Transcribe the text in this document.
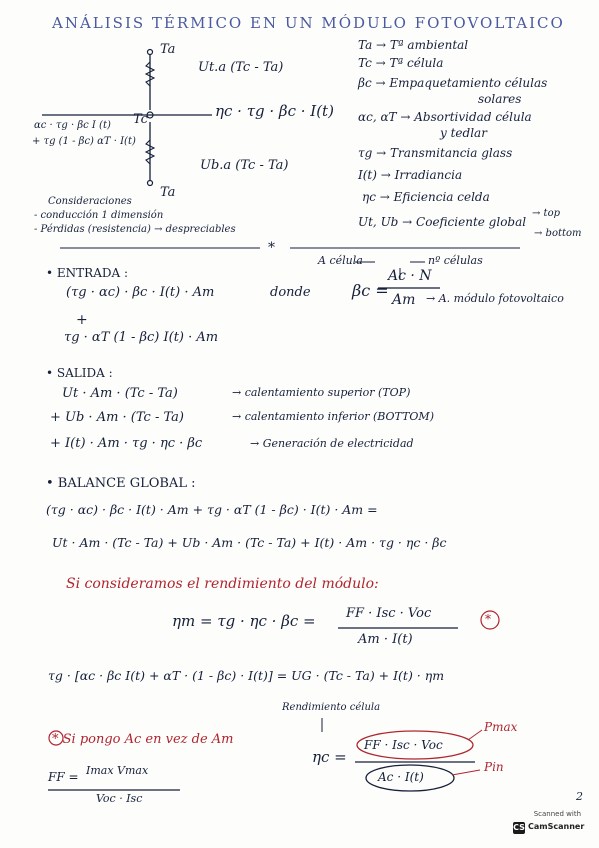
ANÁLISIS TÉRMICO EN UN MÓDULO FOTOVOLTAICO
Ta
Ut.a (Tc - Ta)
Tc	ηc · τg · βc · I(t)
αc · τg · βc I (t)
+ τg (1 - βc) αT · I(t)
Ub.a (Tc - Ta)
Ta
Ta → Tª ambiental
Tc → Tª célula
βc → Empaquetamiento células
solares
αc, αT → Absortividad célula
y tedlar
τg → Transmitancia glass
I(t) → Irradiancia
ηc → Eficiencia celda
Ut, Ub → Coeficiente global
→ top
→ bottom
Consideraciones
- conducción 1 dimensión
- Pérdidas (resistencia) → despreciables
*
• ENTRADA :
(τg · αc) · βc · I(t) · Am	donde
+
τg · αT (1 - βc) I(t) · Am
A célula	nº células
βc =
Ac · N
Am → A. módulo fotovoltaico
• SALIDA :
Ut · Am · (Tc - Ta)	→ calentamiento superior (TOP)
+ Ub · Am · (Tc - Ta)	→ calentamiento inferior (BOTTOM)
+ I(t) · Am · τg · ηc · βc	→ Generación de electricidad
• BALANCE GLOBAL :
(τg · αc) · βc · I(t) · Am + τg · αT (1 - βc) · I(t) · Am =
Ut · Am · (Tc - Ta) + Ub · Am · (Tc - Ta) + I(t) · Am · τg · ηc · βc
Si consideramos el rendimiento del módulo:
ηm = τg · ηc · βc = FF · Isc · Voc
Am · I(t)
*
τg · [αc · βc I(t) + αT · (1 - βc) · I(t)] = UG · (Tc - Ta) + I(t) · ηm
* Si pongo Ac en vez de Am
FF = Imax Vmax
Voc · Isc
Rendimiento célula
ηc =
FF · Isc · Voc
Ac · I(t)
Pmax
Pin
2
Scanned with
CS CamScanner
